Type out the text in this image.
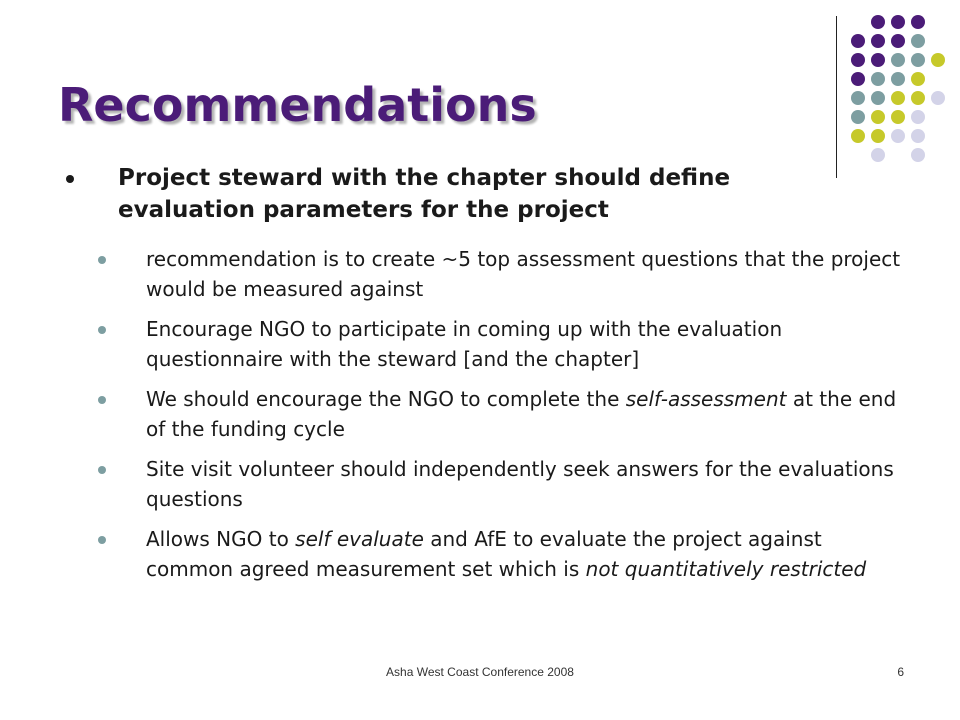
Recommendations
Project steward with the chapter should define evaluation parameters for the project
recommendation is to create ~5 top assessment questions that the project would be measured against
Encourage NGO to participate in coming up with the evaluation questionnaire with the steward [and the chapter]
We should encourage the NGO to complete the self-assessment at the end of the funding cycle
Site visit volunteer should independently seek answers for the evaluations questions
Allows NGO to self evaluate and AfE to evaluate the project against common agreed measurement set which is not quantitatively restricted
Asha West Coast Conference 2008	6
